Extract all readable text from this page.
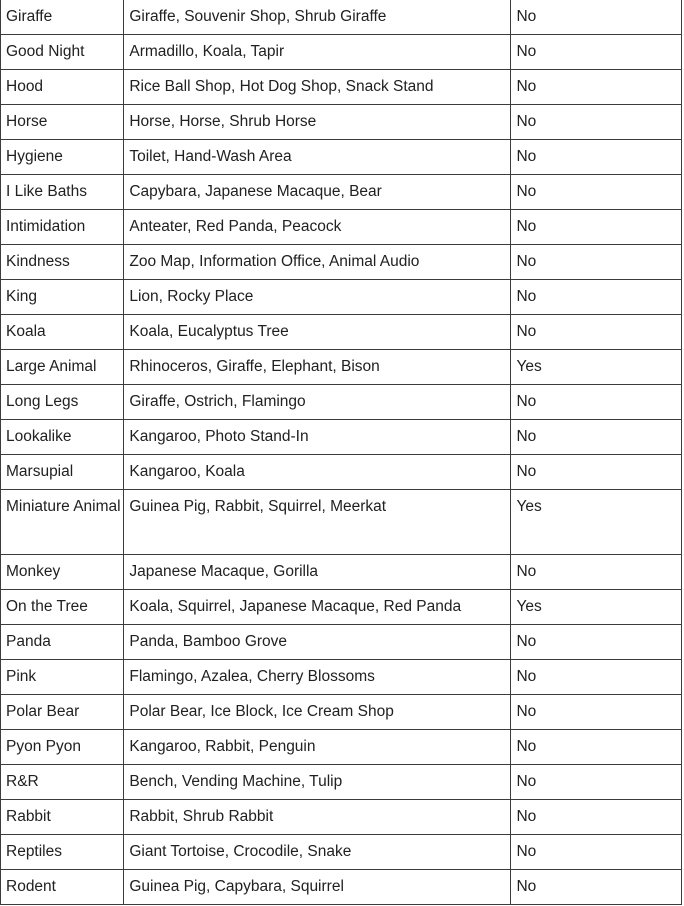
Giraffe	Giraffe, Souvenir Shop, Shrub Giraffe	No
Good Night	Armadillo, Koala, Tapir	No
Hood	Rice Ball Shop, Hot Dog Shop, Snack Stand	No
Horse	Horse, Horse, Shrub Horse	No
Hygiene	Toilet, Hand-Wash Area	No
I Like Baths	Capybara, Japanese Macaque, Bear	No
Intimidation	Anteater, Red Panda, Peacock	No
Kindness	Zoo Map, Information Office, Animal Audio	No
King	Lion, Rocky Place	No
Koala	Koala, Eucalyptus Tree	No
Large Animal	Rhinoceros, Giraffe, Elephant, Bison	Yes
Long Legs	Giraffe, Ostrich, Flamingo	No
Lookalike	Kangaroo, Photo Stand-In	No
Marsupial	Kangaroo, Koala	No
Miniature Animal	Guinea Pig, Rabbit, Squirrel, Meerkat	Yes
Monkey	Japanese Macaque, Gorilla	No
On the Tree	Koala, Squirrel, Japanese Macaque, Red Panda	Yes
Panda	Panda, Bamboo Grove	No
Pink	Flamingo, Azalea, Cherry Blossoms	No
Polar Bear	Polar Bear, Ice Block, Ice Cream Shop	No
Pyon Pyon	Kangaroo, Rabbit, Penguin	No
R&R	Bench, Vending Machine, Tulip	No
Rabbit	Rabbit, Shrub Rabbit	No
Reptiles	Giant Tortoise, Crocodile, Snake	No
Rodent	Guinea Pig, Capybara, Squirrel	No
